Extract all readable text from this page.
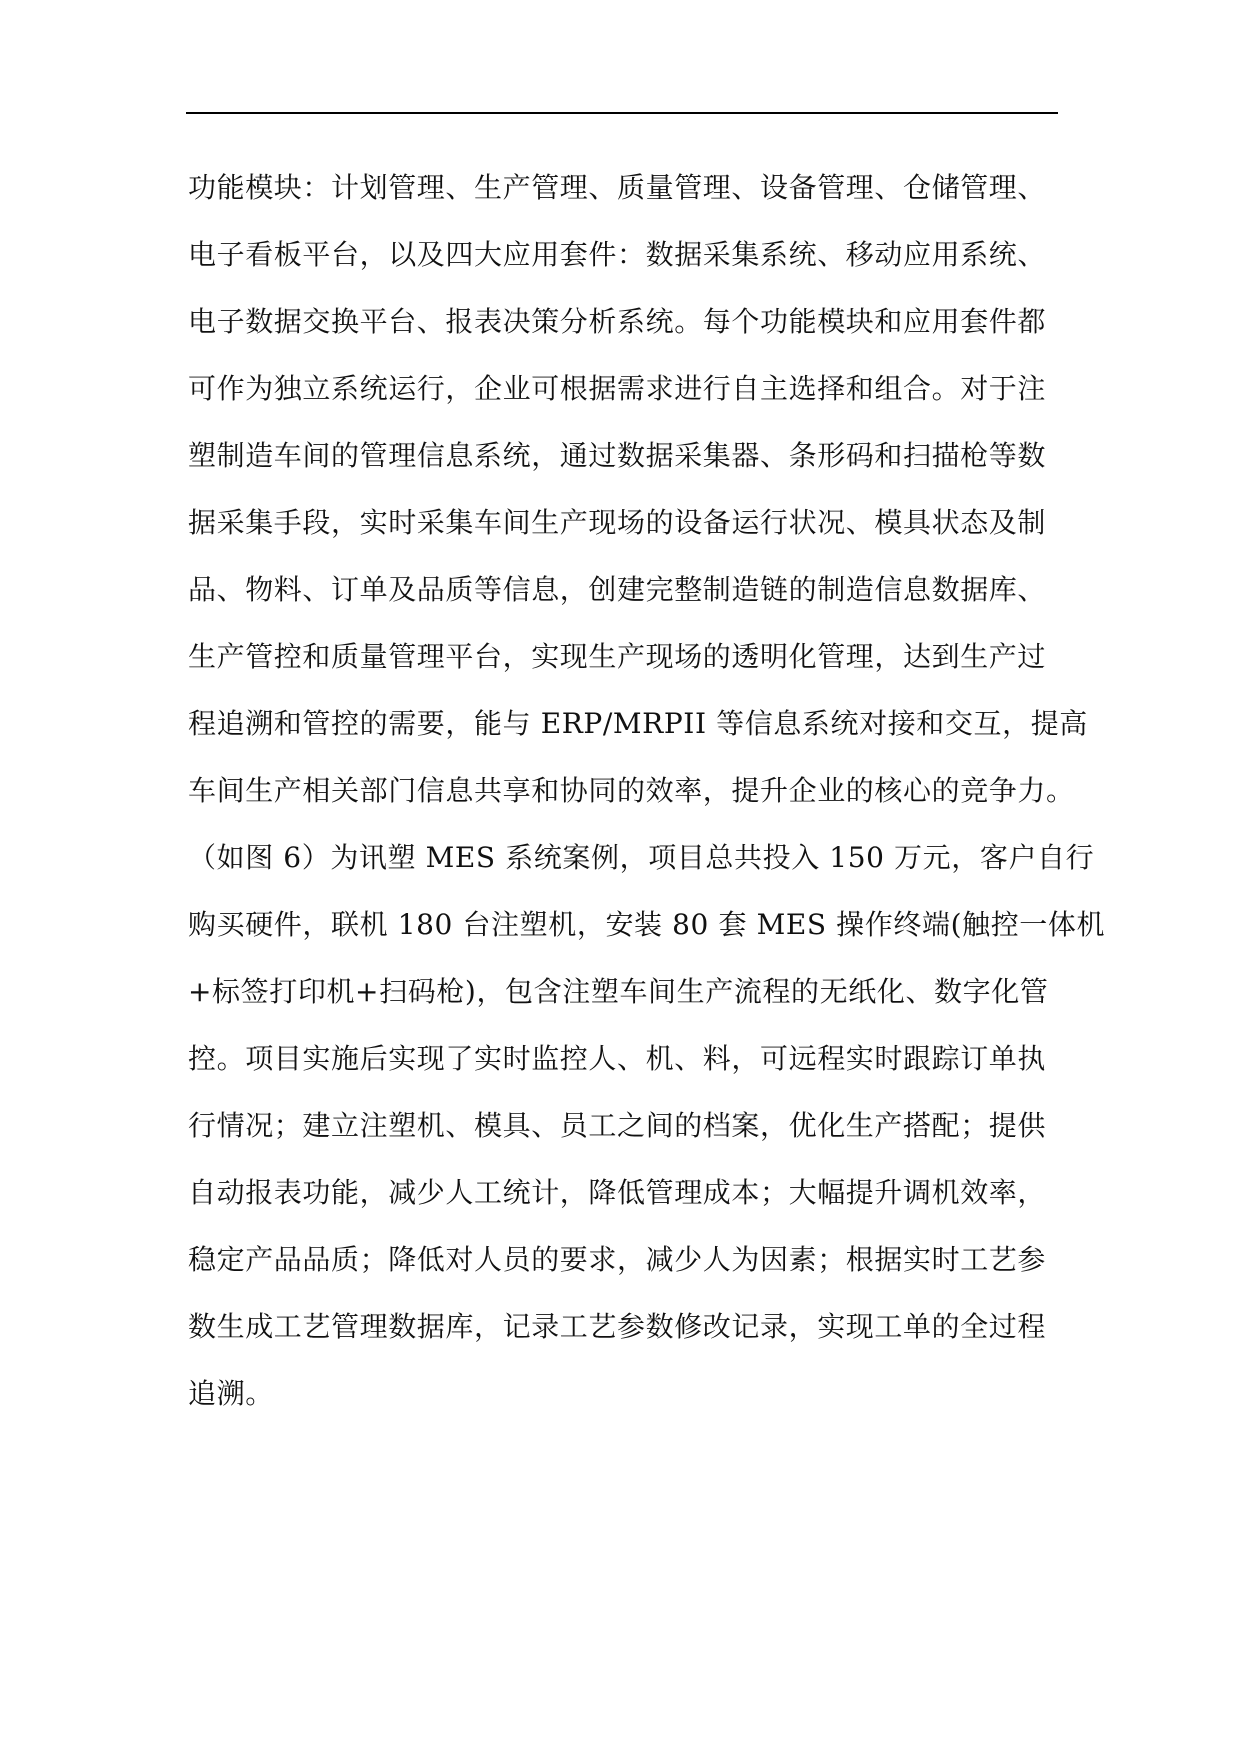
功能模块：计划管理、生产管理、质量管理、设备管理、仓储管理、
电子看板平台，以及四大应用套件：数据采集系统、移动应用系统、
电子数据交换平台、报表决策分析系统。每个功能模块和应用套件都
可作为独立系统运行，企业可根据需求进行自主选择和组合。对于注
塑制造车间的管理信息系统，通过数据采集器、条形码和扫描枪等数
据采集手段，实时采集车间生产现场的设备运行状况、模具状态及制
品、物料、订单及品质等信息，创建完整制造链的制造信息数据库、
生产管控和质量管理平台，实现生产现场的透明化管理，达到生产过
程追溯和管控的需要，能与 ERP/MRPII 等信息系统对接和交互，提高
车间生产相关部门信息共享和协同的效率，提升企业的核心的竞争力。
（如图 6）为讯塑 MES 系统案例，项目总共投入 150 万元，客户自行
购买硬件，联机 180 台注塑机，安装 80 套 MES 操作终端(触控一体机
+标签打印机+扫码枪)，包含注塑车间生产流程的无纸化、数字化管
控。项目实施后实现了实时监控人、机、料，可远程实时跟踪订单执
行情况；建立注塑机、模具、员工之间的档案，优化生产搭配；提供
自动报表功能，减少人工统计，降低管理成本；大幅提升调机效率，
稳定产品品质；降低对人员的要求，减少人为因素；根据实时工艺参
数生成工艺管理数据库，记录工艺参数修改记录，实现工单的全过程
追溯。
